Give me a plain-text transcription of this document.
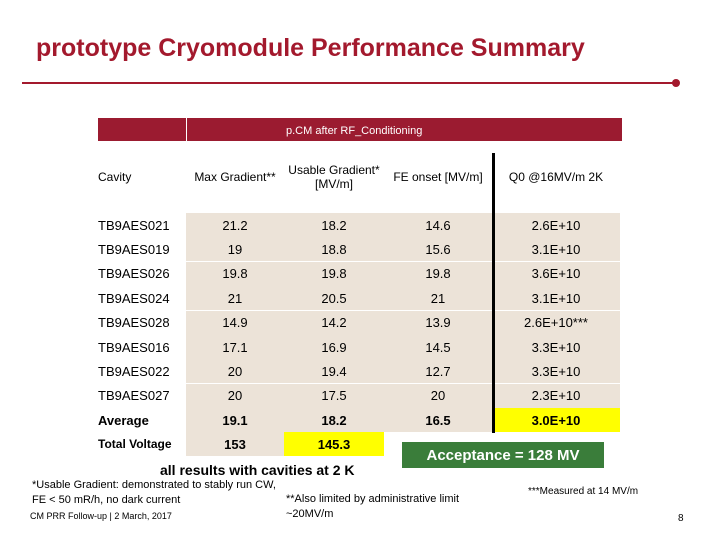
prototype Cryomodule Performance Summary
p.CM after RF_Conditioning
Cavity	Max Gradient**	Usable Gradient* [MV/m]	FE onset [MV/m]	Q0 @16MV/m 2K
TB9AES021	21.2	18.2	14.6	2.6E+10
TB9AES019	19	18.8	15.6	3.1E+10
TB9AES026	19.8	19.8	19.8	3.6E+10
TB9AES024	21	20.5	21	3.1E+10
TB9AES028	14.9	14.2	13.9	2.6E+10***
TB9AES016	17.1	16.9	14.5	3.3E+10
TB9AES022	20	19.4	12.7	3.3E+10
TB9AES027	20	17.5	20	2.3E+10
Average	19.1	18.2	16.5	3.0E+10
Total Voltage	153	145.3
all results with cavities at 2 K
Acceptance = 128 MV
*Usable Gradient: demonstrated to stably run CW, FE < 50 mR/h, no dark current	**Also limited by administrative limit ~20MV/m
***Measured at 14 MV/m
CM PRR Follow-up | 2 March, 2017	8
